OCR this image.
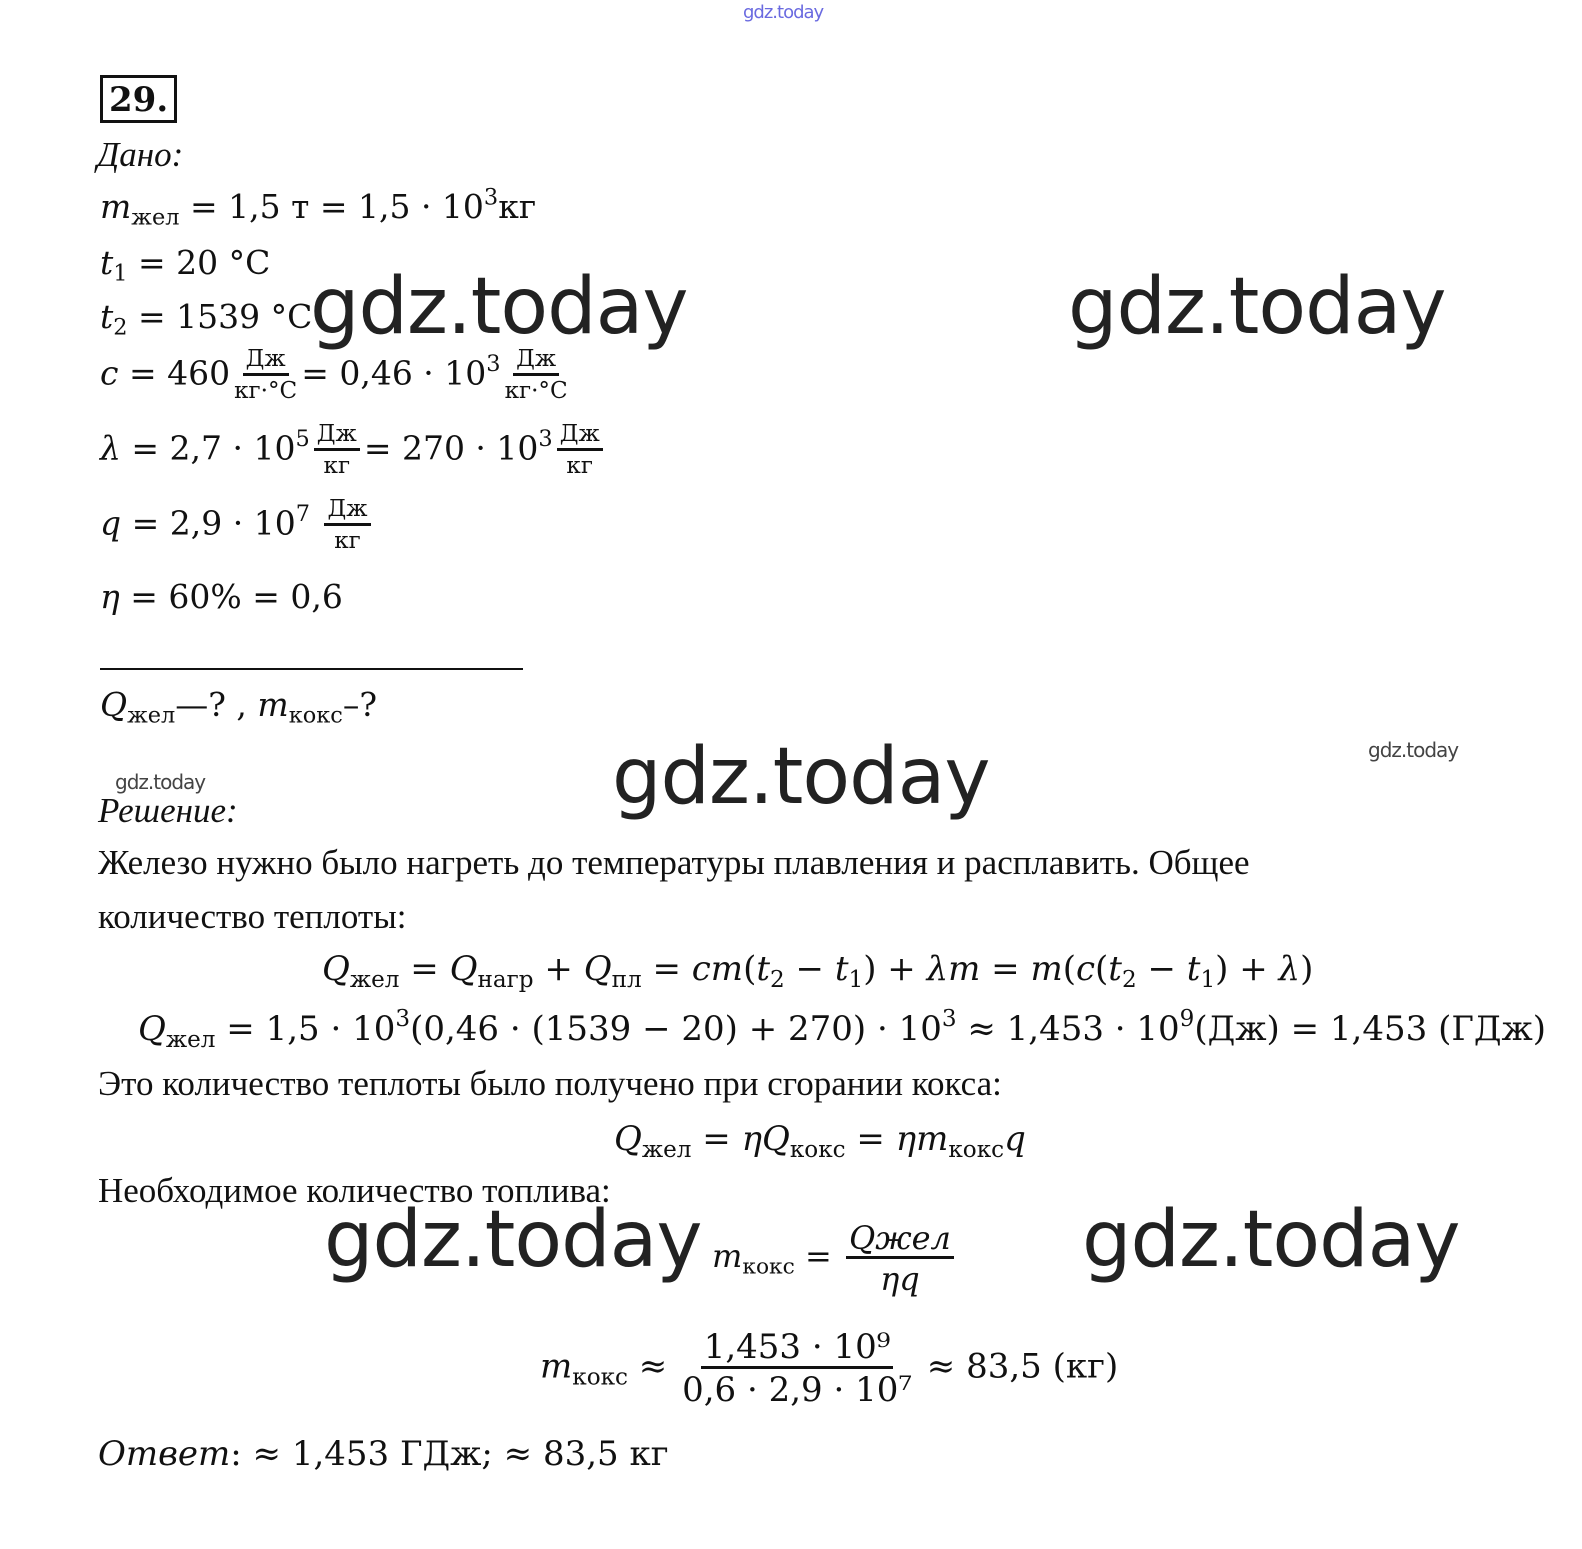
gdz.today
29.
Дано:
$m_{жел} = 1,5$ $т = 1,5 \cdot 10^3кг$
$t_1 = 20$ °C
$t_2 = 1539$ °C
$c = 460 \frac{Дж}{кг\cdot^\circ С} = 0,46 \cdot 10^3 \frac{Дж}{кг\cdot^\circ С}$
$\lambda = 2,7 \cdot 10^5 \frac{Дж}{кг} = 270 \cdot 10^3 \frac{Дж}{кг}$
$q = 2,9 \cdot 10^7 \frac{Дж}{кг}$
η = 60% = 0,6
$Q_{жел}—$? , $m_{кокс}-$?
Решение:
Железо нужно было нагреть до температуры плавления и расплавить. Общее
количество теплоты:
$Q_{жел} = Q_{нагр} + Q_{пл} = cm(t_2 - t_1) + \lambda m = m(c(t_2 - t_1) + \lambda)$
$Q_{жел} = 1,5 \cdot 10^3(0,46 \cdot (1539 - 20) + 270) \cdot 10^3 \approx 1,453 \cdot 10^9(Дж) = 1,453$ (ГДж)
Это количество теплоты было получено при сгорании кокса:
$Q_{жел} = \eta Q_{кокс} = \eta m_{кокс}q$
Необходимое количество топлива:
$m_{кокс} = \frac{\text{Qжел}}{\eta q}$
$m_{кокс} \approx \frac{\text{1,453 · 10⁹}}{\text{0,6 · 2,9 · 10⁷}} \approx 83,5$ (кг)
Ответ: ≈ 1,453 ГДж; ≈ 83,5 кг
gdz.today	gdz.today
gdz.today
gdz.today	gdz.today
gdz.today
gdz.today
